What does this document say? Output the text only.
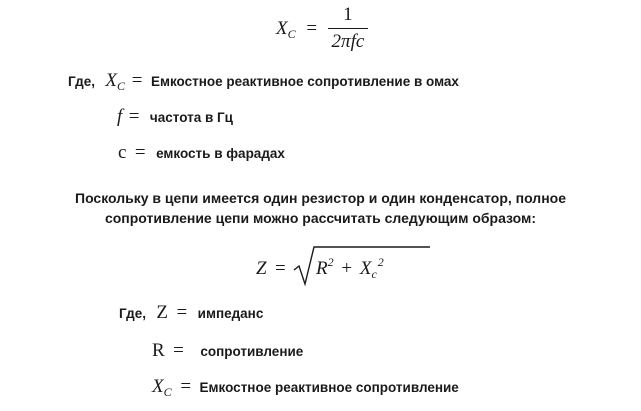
$X_C = \frac{1}{\text{2πfc}}$
Где, $X_C$ = Емкостное реактивное сопротивление в омах
f = частота в Гц
c = емкость в фарадах
Поскольку в цепи имеется один резистор и один конденсатор, полное
сопротивление цепи можно рассчитать следующим образом:
$Z = R^2 + X_c^2$
Где, Z = импеданс
R = сопротивление
$X_C$ = Емкостное реактивное сопротивление
